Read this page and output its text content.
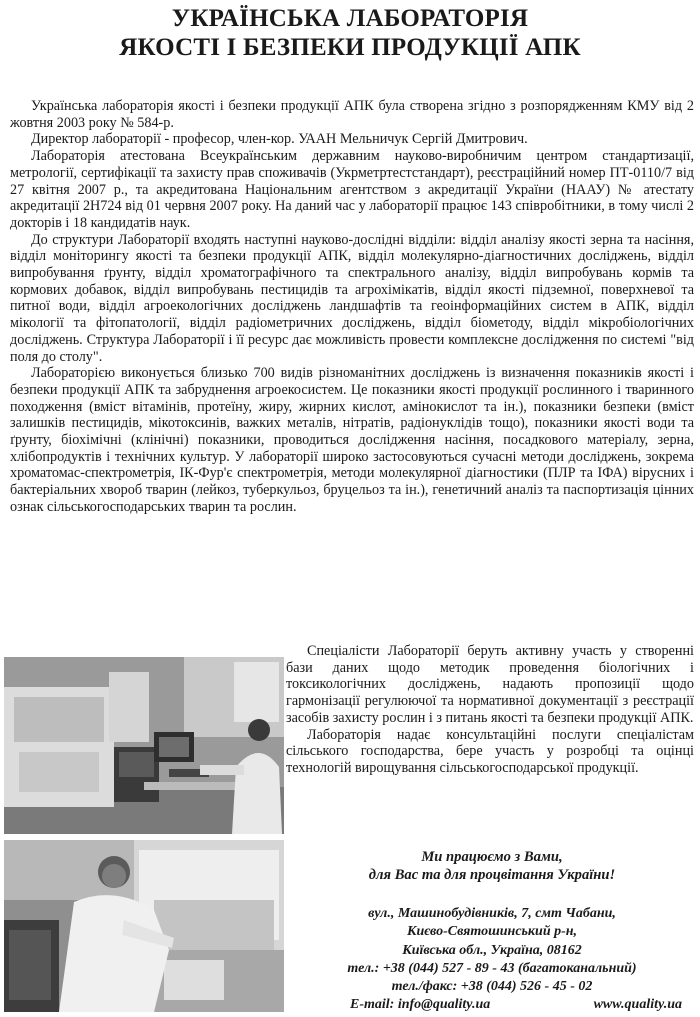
УКРАЇНСЬКА ЛАБОРАТОРІЯ
ЯКОСТІ І БЕЗПЕКИ ПРОДУКЦІЇ АПК

Українська лабораторія якості і безпеки продукції АПК була створена згідно з розпорядженням КМУ від 2 жовтня 2003 року № 584-р.

Директор лабораторії - професор, член-кор. УААН Мельничук Сергій Дмитрович.

Лабораторія атестована Всеукраїнським державним науково-виробничим центром стандартизації, метрології, сертифікації та захисту прав споживачів (Укрметртестстандарт), реєстраційний номер ПТ-0110/7 від 27 квітня 2007 р., та акредитована Національним агентством з акредитації України (НААУ) № атестату акредитації 2Н724 від 01 червня 2007 року. На даний час у лабораторії працює 143 співробітники, в тому числі 2 докторів і 18 кандидатів наук.

До структури Лабораторії входять наступні науково-дослідні відділи: відділ аналізу якості зерна та насіння, відділ моніторингу якості та безпеки продукції АПК, відділ молекулярно-діагностичних досліджень, відділ випробування ґрунту, відділ хроматографічного та спектрального аналізу, відділ випробувань кормів та кормових добавок, відділ випробувань пестицидів та агрохімікатів, відділ якості підземної, поверхневої та питної води, відділ агроекологічних досліджень ландшафтів та геоінформаційних систем в АПК, відділ мікології та фітопатології, відділ радіометричних досліджень, відділ біометоду, відділ мікробіологічних досліджень. Структура Лабораторії і її ресурс дає можливість провести комплексне дослідження по системі "від поля до столу".

Лабораторією виконується близько 700 видів різноманітних досліджень із визначення показників якості і безпеки продукції АПК та забруднення агроекосистем. Це показники якості продукції рослинного і тваринного походження (вміст вітамінів, протеїну, жиру, жирних кислот, амінокислот та ін.), показники безпеки (вміст залишків пестицидів, мікотоксинів, важких металів, нітратів, радіонуклідів тощо), показники якості води та ґрунту, біохімічні (клінічні) показники, проводиться дослідження насіння, посадкового матеріалу, зерна, хлібопродуктів і технічних культур. У лабораторії широко застосовуються сучасні методи досліджень, зокрема хроматомас-спектрометрія, ІК-Фур'є спектрометрія, методи молекулярної діагностики (ПЛР та ІФА) вірусних і бактеріальних хвороб тварин (лейкоз, туберкульоз, бруцельоз та ін.), генетичний аналіз та паспортизація цінних ознак сільськогосподарських тварин та рослин.

Спеціалісти Лабораторії беруть активну участь у створенні бази даних щодо методик проведення біологічних і токсикологічних досліджень, надають пропозиції щодо гармонізації регулюючої та нормативної документації з реєстрації засобів захисту рослин і з питань якості та безпеки продукції АПК.

Лабораторія надає консультаційні послуги спеціалістам сільського господарства, бере участь у розробці та оцінці технологій вирощування сільськогосподарської продукції.

Ми працюємо з Вами,
для Вас та для процвітання України!
вул., Машинобудівників, 7, смт Чабани,
Києво-Святошинський р-н,
Київська обл., Україна, 08162
тел.: +38 (044) 527 - 89 - 43 (багатоканальний)
тел./факс: +38 (044) 526 - 45 - 02
E-mail: info@quality.ua	www.quality.ua
